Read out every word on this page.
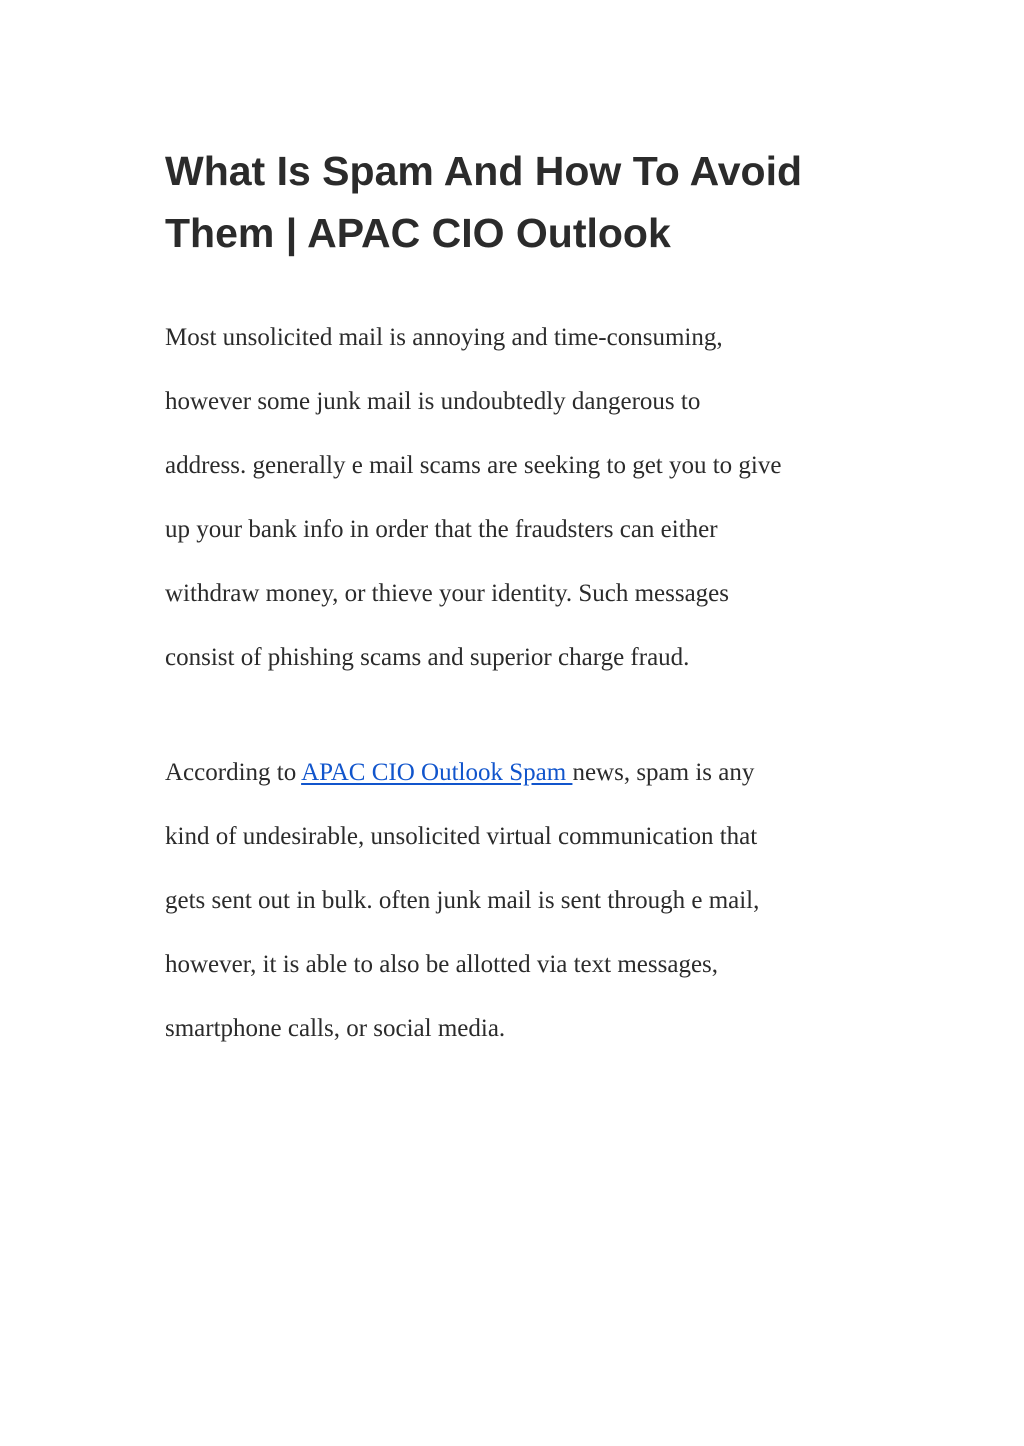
What Is Spam And How To Avoid Them | APAC CIO Outlook

Most unsolicited mail is annoying and time-consuming,
however some junk mail is undoubtedly dangerous to
address. generally e mail scams are seeking to get you to give
up your bank info in order that the fraudsters can either
withdraw money, or thieve your identity. Such messages
consist of phishing scams and superior charge fraud.

According to APAC CIO Outlook Spam news, spam is any
kind of undesirable, unsolicited virtual communication that
gets sent out in bulk. often junk mail is sent through e mail,
however, it is able to also be allotted via text messages,
smartphone calls, or social media.
